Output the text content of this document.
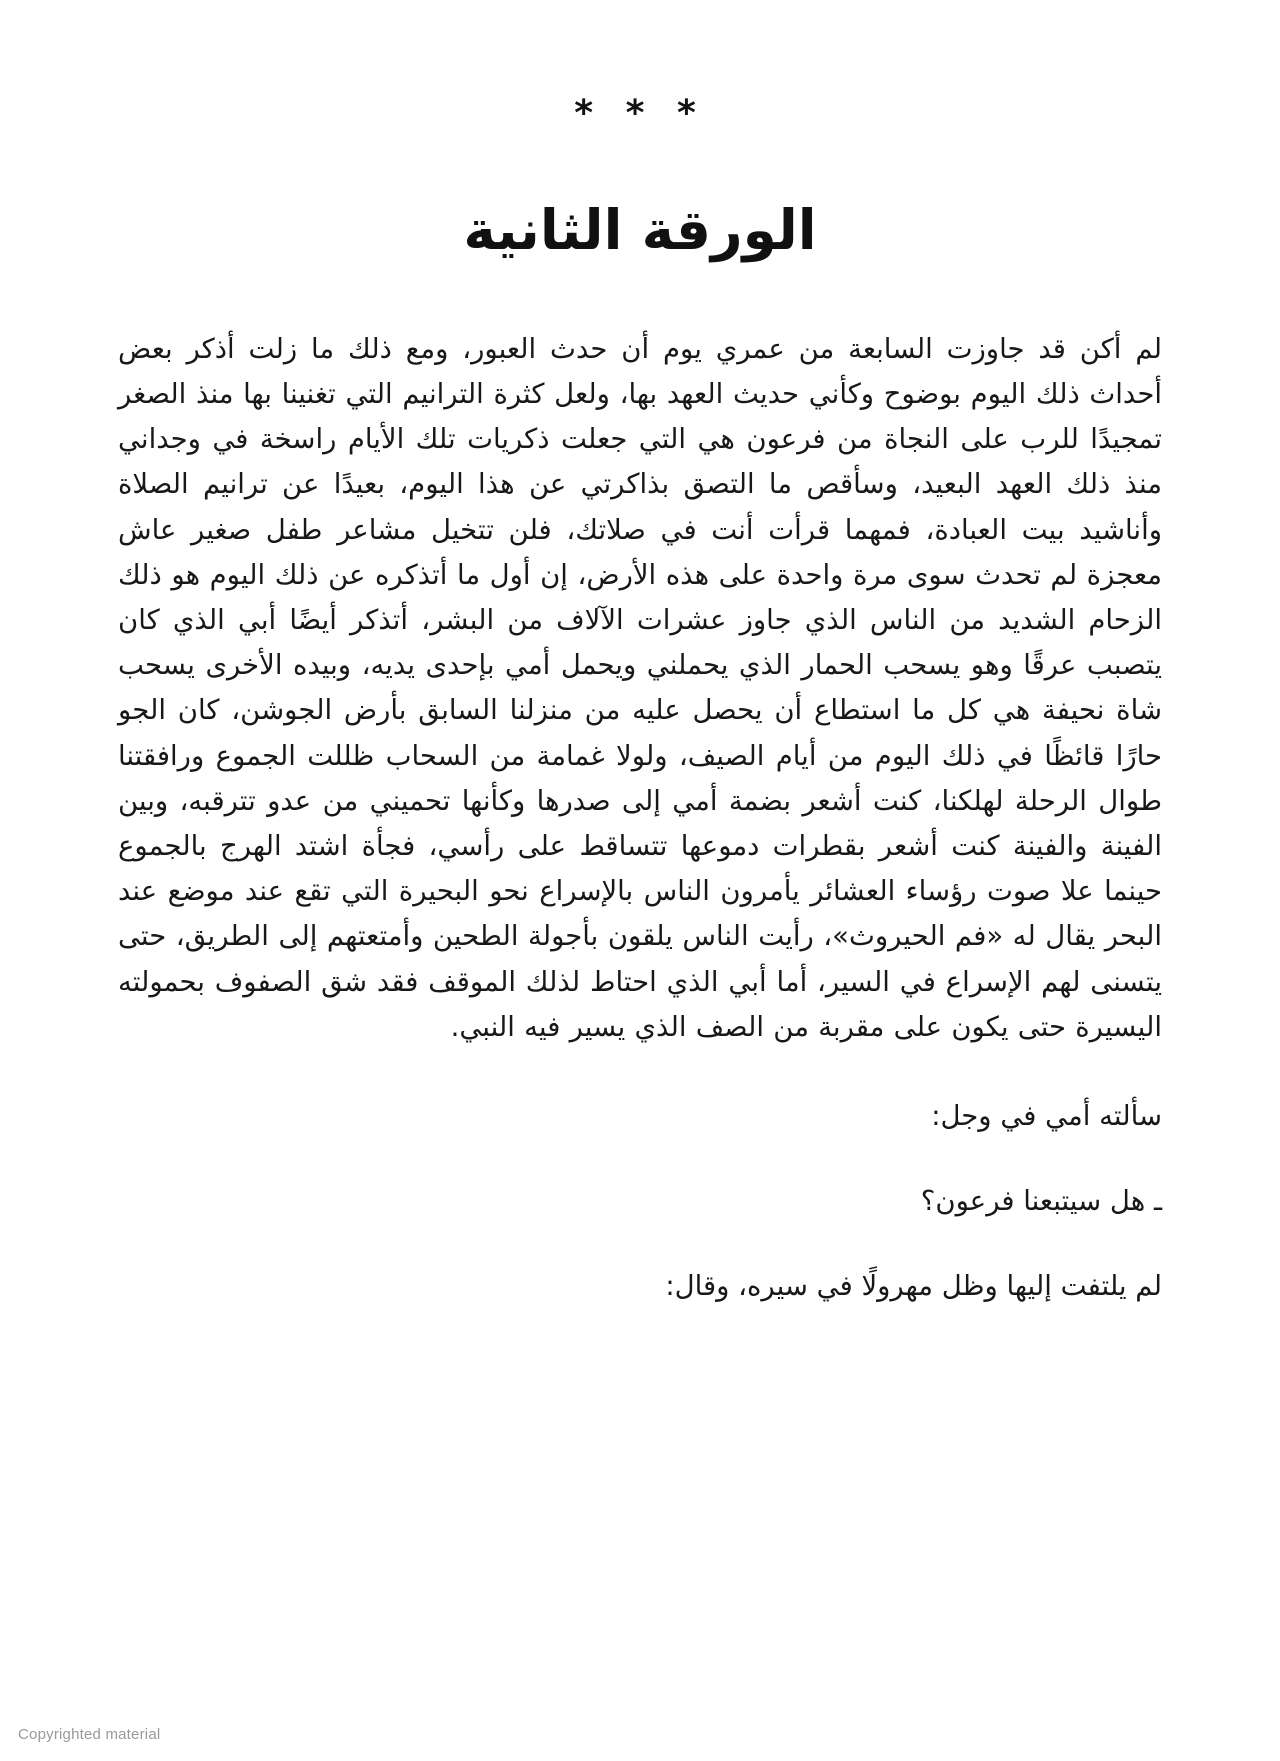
* * *
الورقة الثانية

لم أكن قد جاوزت السابعة من عمري يوم أن حدث العبور، ومع ذلك ما زلت أذكر بعض أحداث ذلك اليوم بوضوح وكأني حديث العهد بها، ولعل كثرة الترانيم التي تغنينا بها منذ الصغر تمجيدًا للرب على النجاة من فرعون هي التي جعلت ذكريات تلك الأيام راسخة في وجداني منذ ذلك العهد البعيد، وسأقص ما التصق بذاكرتي عن هذا اليوم، بعيدًا عن ترانيم الصلاة وأناشيد بيت العبادة، فمهما قرأت أنت في صلاتك، فلن تتخيل مشاعر طفل صغير عاش معجزة لم تحدث سوى مرة واحدة على هذه الأرض، إن أول ما أتذكره عن ذلك اليوم هو ذلك الزحام الشديد من الناس الذي جاوز عشرات الآلاف من البشر، أتذكر أيضًا أبي الذي كان يتصبب عرقًا وهو يسحب الحمار الذي يحملني ويحمل أمي بإحدى يديه، وبيده الأخرى يسحب شاة نحيفة هي كل ما استطاع أن يحصل عليه من منزلنا السابق بأرض الجوشن، كان الجو حارًا قائظًا في ذلك اليوم من أيام الصيف، ولولا غمامة من السحاب ظللت الجموع ورافقتنا طوال الرحلة لهلكنا، كنت أشعر بضمة أمي إلى صدرها وكأنها تحميني من عدو تترقبه، وبين الفينة والفينة كنت أشعر بقطرات دموعها تتساقط على رأسي، فجأة اشتد الهرج بالجموع حينما علا صوت رؤساء العشائر يأمرون الناس بالإسراع نحو البحيرة التي تقع عند موضع عند البحر يقال له «فم الحيروث»، رأيت الناس يلقون بأجولة الطحين وأمتعتهم إلى الطريق، حتى يتسنى لهم الإسراع في السير، أما أبي الذي احتاط لذلك الموقف فقد شق الصفوف بحمولته اليسيرة حتى يكون على مقربة من الصف الذي يسير فيه النبي.

سألته أمي في وجل:

ـ هل سيتبعنا فرعون؟

لم يلتفت إليها وظل مهرولًا في سيره، وقال:

Copyrighted material
